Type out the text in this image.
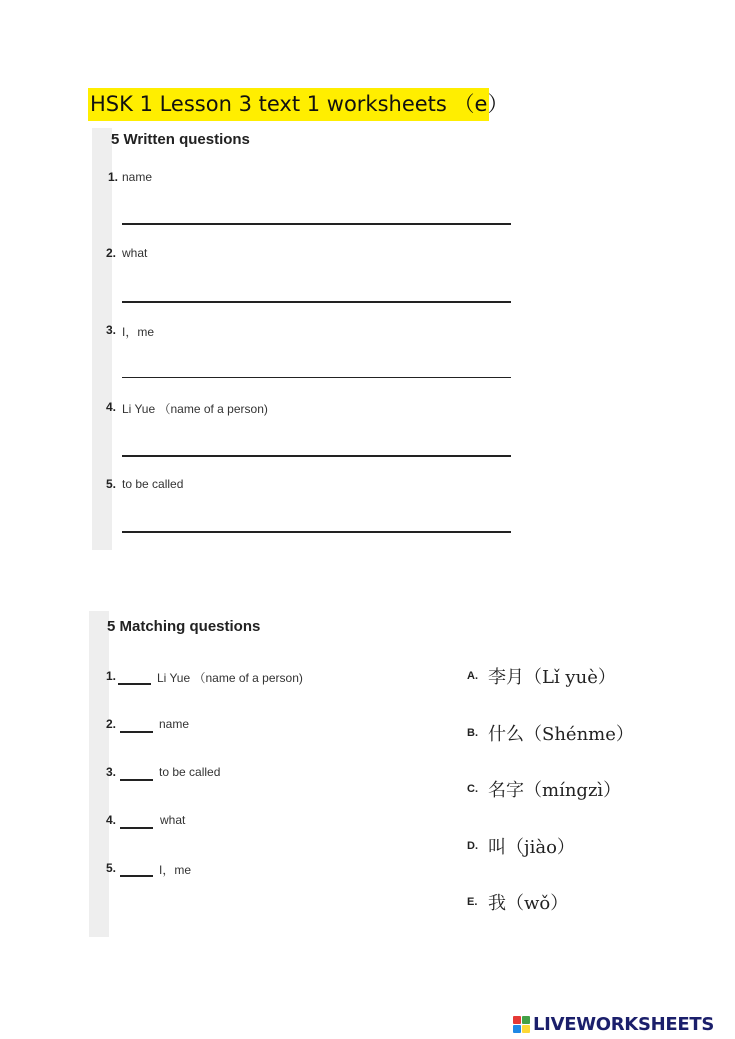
HSK 1 Lesson 3 text 1 worksheets （e）
5 Written questions
1. name
2. what
3. I，me
4. Li Yue （name of a person)
5. to be called
5 Matching questions
1.	Li Yue （name of a person)
2.	name
3.	to be called
4.	what
5.	I，me
A. 李月（Lǐ yuè）
B. 什么（Shénme）
C. 名字（míngzì）
D. 叫（jiào）
E. 我（wǒ）
LIVEWORKSHEETS
